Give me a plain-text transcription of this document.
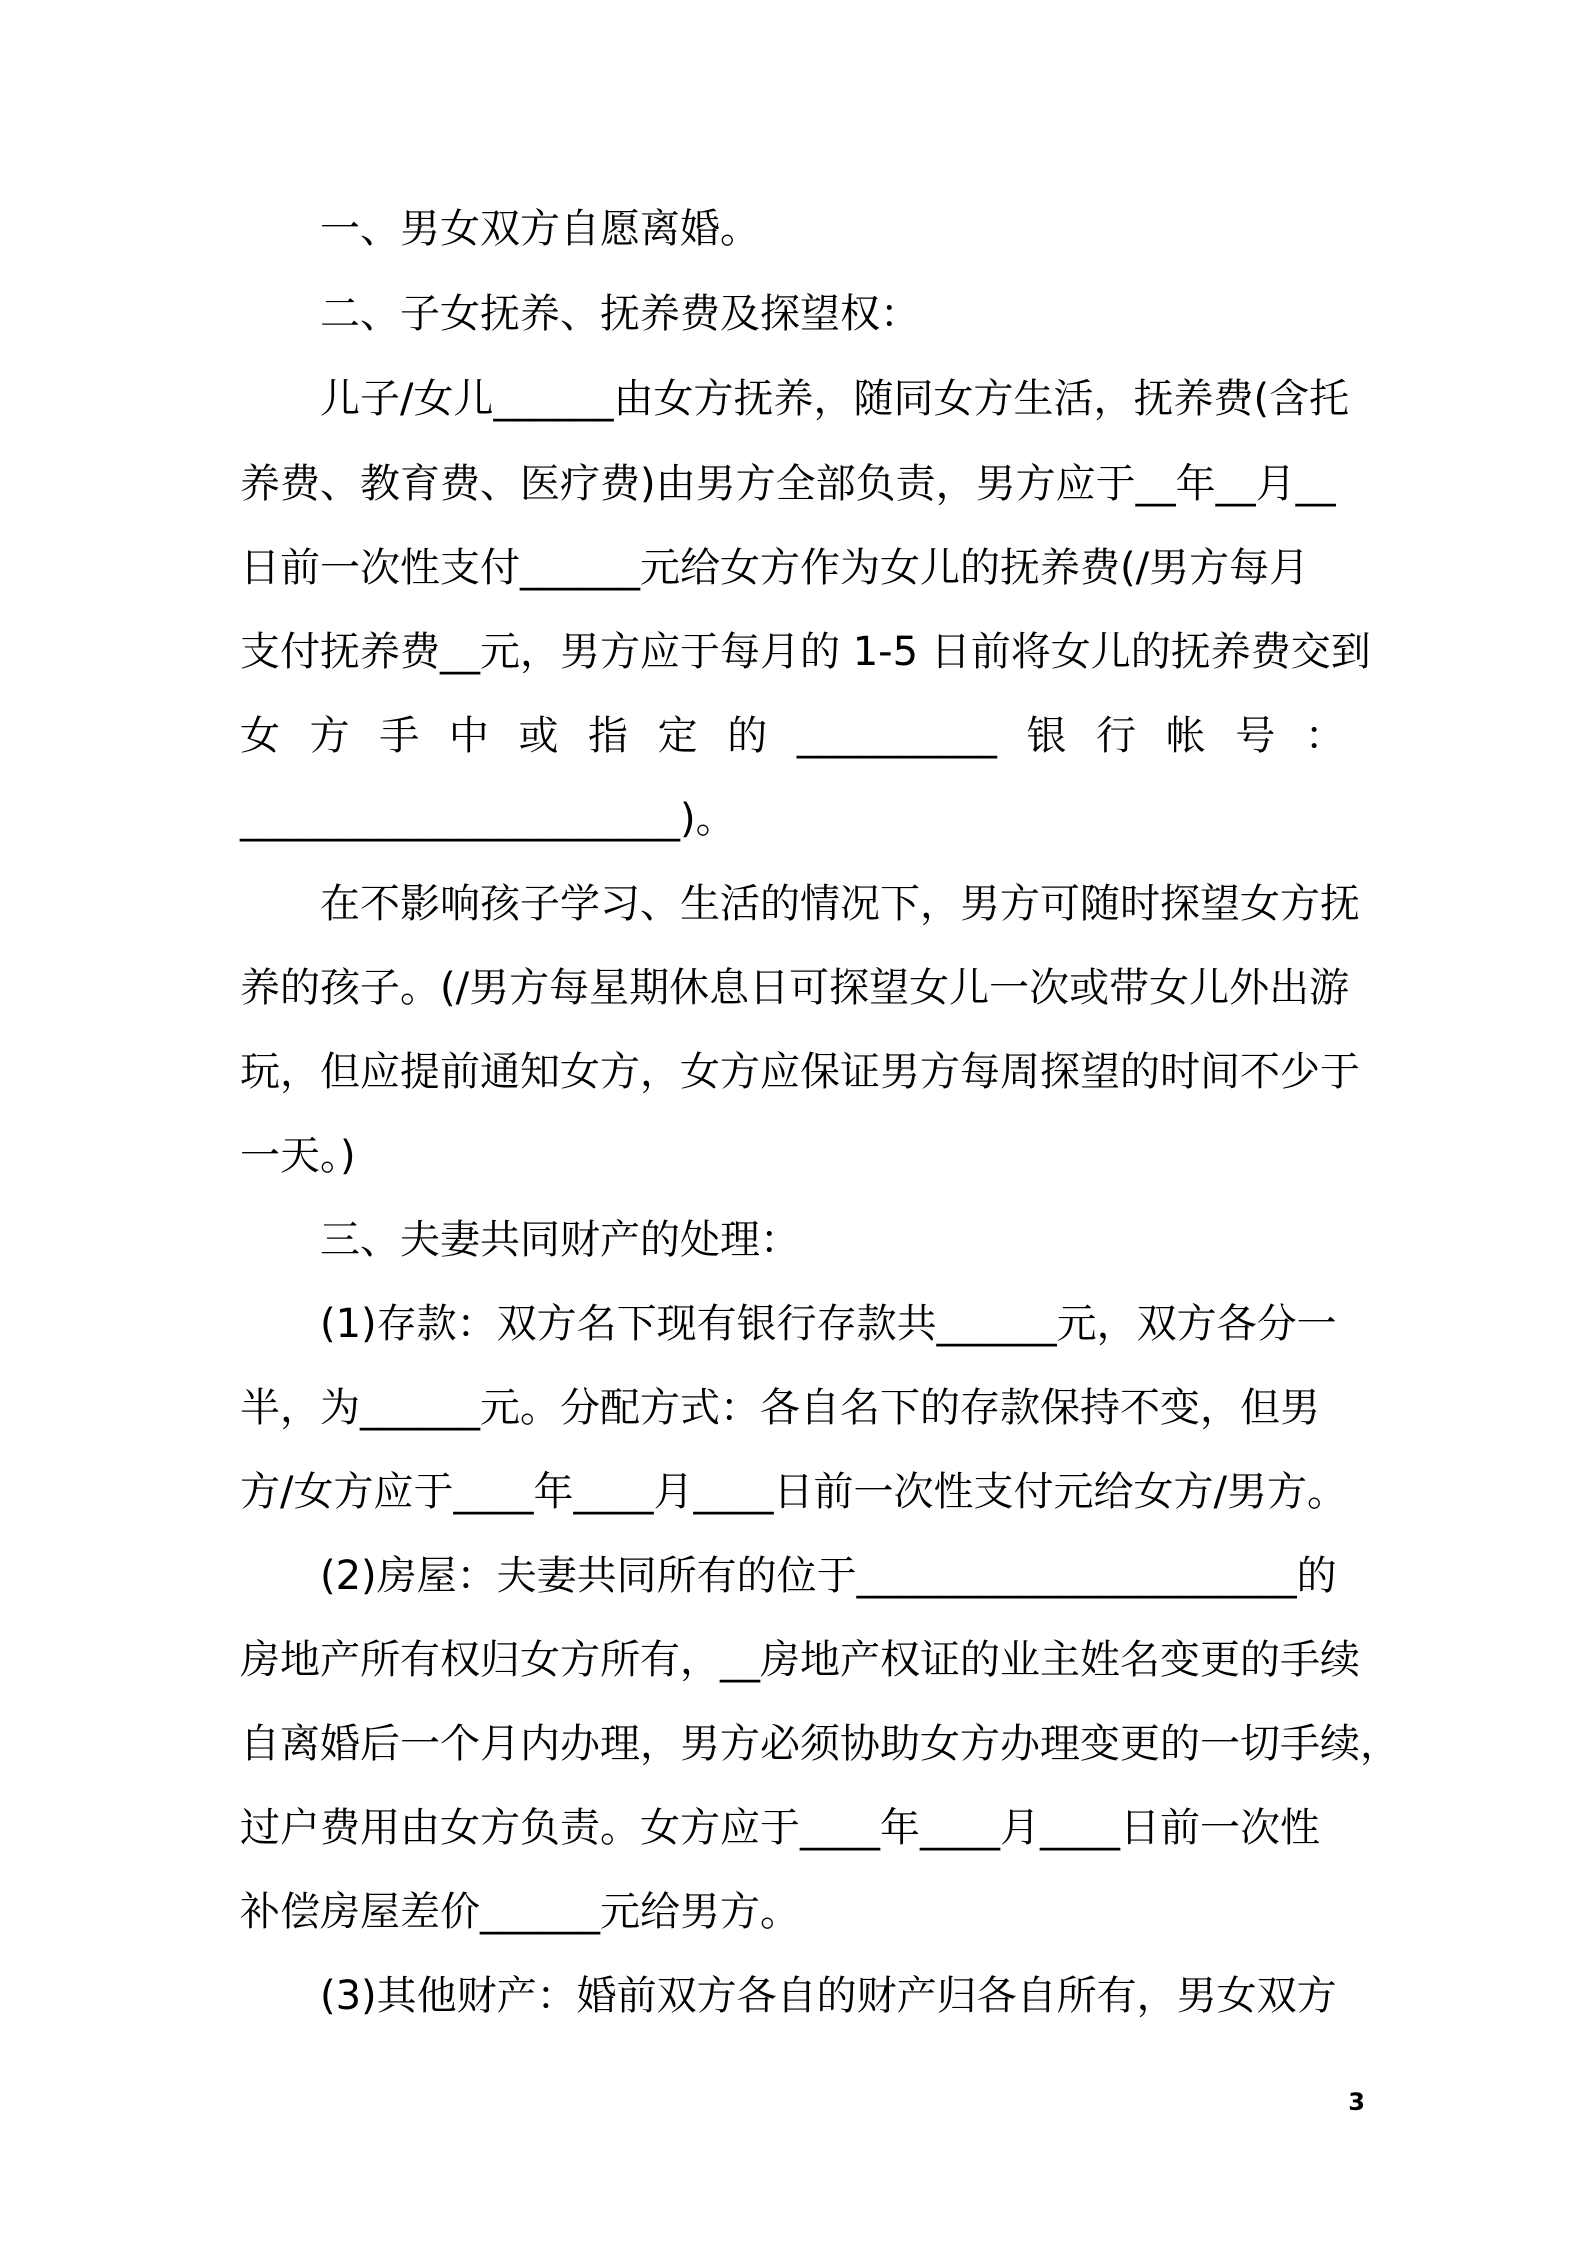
一、男女双方自愿离婚。
二、子女抚养、抚养费及探望权：
儿子/女儿______由女方抚养，随同女方生活，抚养费(含托
养费、教育费、医疗费)由男方全部负责，男方应于__年__月__
日前一次性支付______元给女方作为女儿的抚养费(/男方每月
支付抚养费__元，男方应于每月的 1-5 日前将女儿的抚养费交到
女 方 手 中 或 指 定 的 __________ 银 行 帐 号 ：
______________________)。
在不影响孩子学习、生活的情况下，男方可随时探望女方抚
养的孩子。(/男方每星期休息日可探望女儿一次或带女儿外出游
玩，但应提前通知女方，女方应保证男方每周探望的时间不少于
一天。)
三、夫妻共同财产的处理：
(1)存款：双方名下现有银行存款共______元，双方各分一
半，为______元。分配方式：各自名下的存款保持不变，但男
方/女方应于____年____月____日前一次性支付元给女方/男方。
(2)房屋：夫妻共同所有的位于______________________的
房地产所有权归女方所有，__房地产权证的业主姓名变更的手续
自离婚后一个月内办理，男方必须协助女方办理变更的一切手续，
过户费用由女方负责。女方应于____年____月____日前一次性
补偿房屋差价______元给男方。
(3)其他财产：婚前双方各自的财产归各自所有，男女双方
3
